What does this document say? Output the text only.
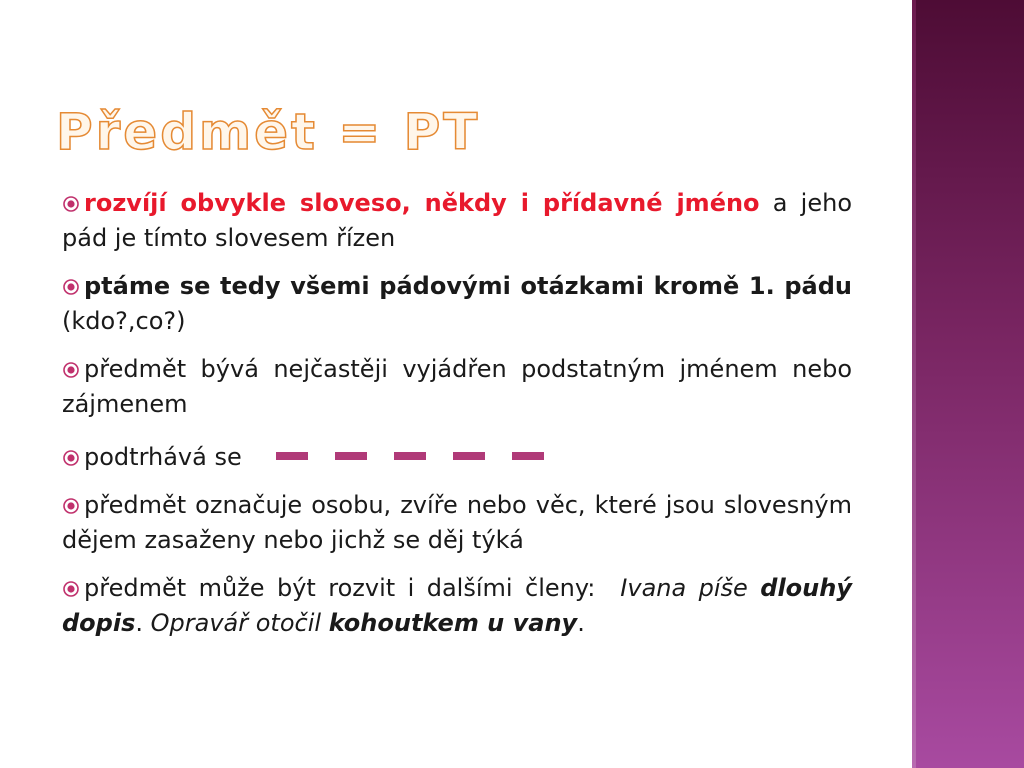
Předmět = PT
rozvíjí obvykle sloveso, někdy i přídavné jméno a jeho pád je tímto slovesem řízen
ptáme se tedy všemi pádovými otázkami kromě 1. pádu (kdo?,co?)
předmět bývá nejčastěji vyjádřen podstatným jménem nebo zájmenem
podtrhává se
předmět označuje osobu, zvíře nebo věc, které jsou slovesným dějem zasaženy nebo jichž se děj týká
předmět může být rozvit i dalšími členy:  Ivana píše dlouhý dopis. Opravář otočil kohoutkem u vany.
